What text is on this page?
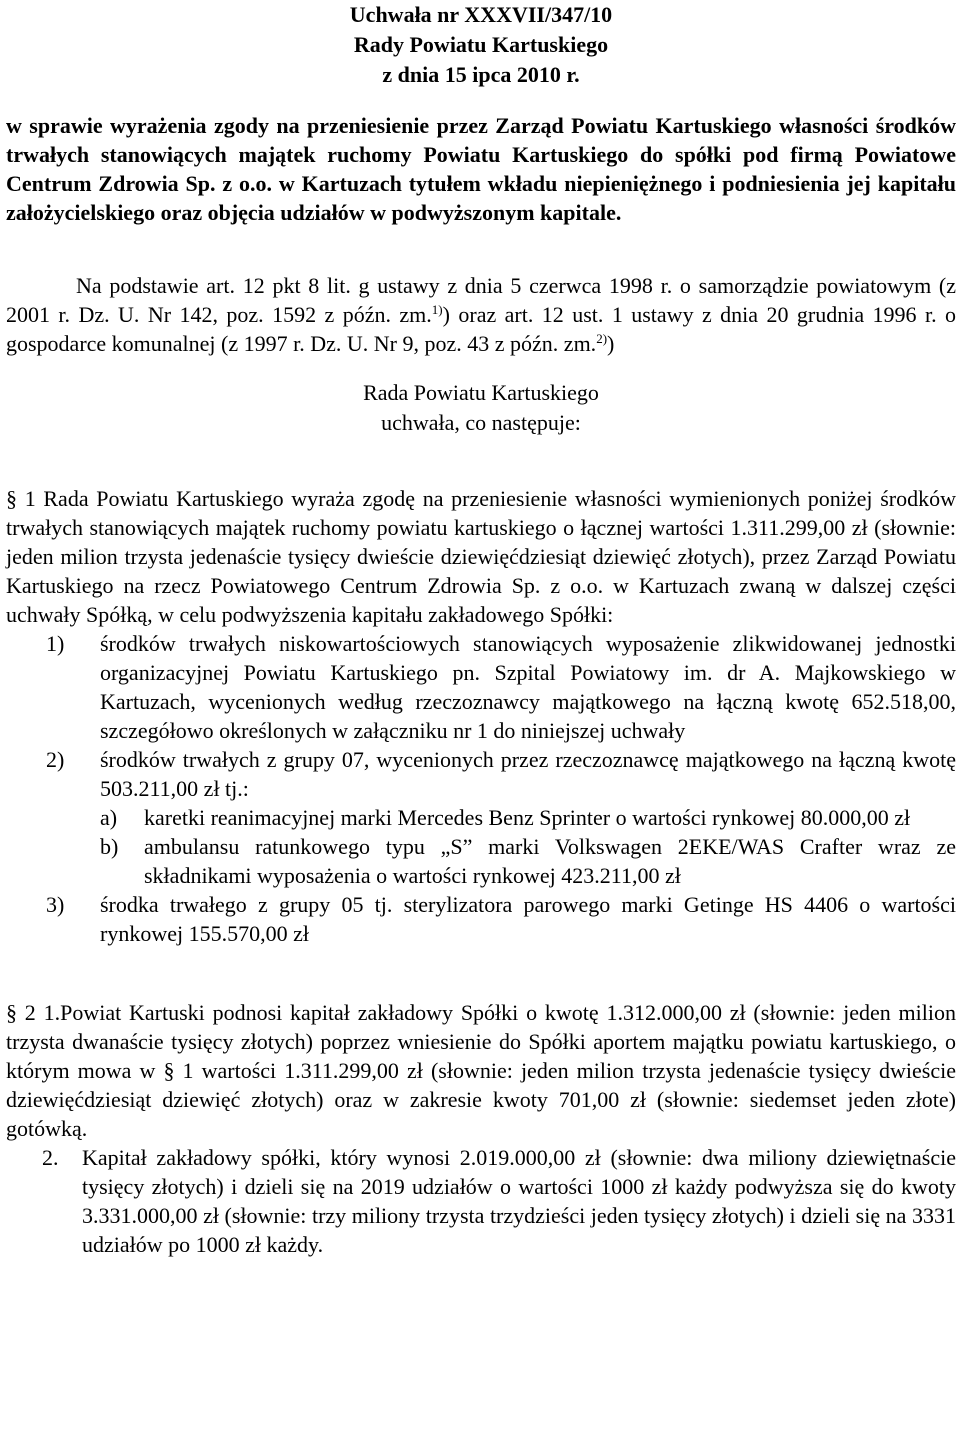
Uchwała nr XXXVII/347/10
Rady Powiatu Kartuskiego
z dnia 15 ipca 2010 r.
w sprawie wyrażenia zgody na przeniesienie przez Zarząd Powiatu Kartuskiego własności środków trwałych stanowiących majątek ruchomy Powiatu Kartuskiego do spółki pod firmą Powiatowe Centrum Zdrowia Sp. z o.o. w Kartuzach tytułem wkładu niepieniężnego i podniesienia jej kapitału założycielskiego oraz objęcia udziałów w podwyższonym kapitale.
Na podstawie art. 12 pkt 8 lit. g ustawy z dnia 5 czerwca 1998 r. o samorządzie powiatowym (z 2001 r. Dz. U. Nr 142, poz. 1592 z późn. zm.$^{1)}$) oraz art. 12 ust. 1 ustawy z dnia 20 grudnia 1996 r. o gospodarce komunalnej (z 1997 r. Dz. U. Nr 9, poz. 43 z późn. zm.$^{2)}$)
Rada Powiatu Kartuskiego
uchwała, co następuje:
§ 1 Rada Powiatu Kartuskiego wyraża zgodę na przeniesienie własności wymienionych poniżej środków trwałych stanowiących majątek ruchomy powiatu kartuskiego o łącznej wartości 1.311.299,00 zł (słownie: jeden milion trzysta jedenaście tysięcy dwieście dziewięćdziesiąt dziewięć złotych), przez Zarząd Powiatu Kartuskiego na rzecz Powiatowego Centrum Zdrowia Sp. z o.o. w Kartuzach zwaną w dalszej części uchwały Spółką, w celu podwyższenia kapitału zakładowego Spółki:
1) środków trwałych niskowartościowych stanowiących wyposażenie zlikwidowanej jednostki organizacyjnej Powiatu Kartuskiego pn. Szpital Powiatowy im. dr A. Majkowskiego w Kartuzach, wycenionych według rzeczoznawcy majątkowego na łączną kwotę 652.518,00, szczegółowo określonych w załączniku nr 1 do niniejszej uchwały
2) środków trwałych z grupy 07, wycenionych przez rzeczoznawcę majątkowego na łączną kwotę 503.211,00 zł tj.:
a) karetki reanimacyjnej marki Mercedes Benz Sprinter o wartości rynkowej 80.000,00 zł
b) ambulansu ratunkowego typu „S” marki Volkswagen 2EKE/WAS Crafter wraz ze składnikami wyposażenia o wartości rynkowej 423.211,00 zł
3) środka trwałego z grupy 05 tj. sterylizatora parowego marki Getinge HS 4406 o wartości rynkowej 155.570,00 zł
§ 2 1.Powiat Kartuski podnosi kapitał zakładowy Spółki o kwotę 1.312.000,00 zł (słownie: jeden milion trzysta dwanaście tysięcy złotych) poprzez wniesienie do Spółki aportem majątku powiatu kartuskiego, o którym mowa w § 1 wartości 1.311.299,00 zł (słownie: jeden milion trzysta jedenaście tysięcy dwieście dziewięćdziesiąt dziewięć złotych) oraz w zakresie kwoty 701,00 zł (słownie: siedemset jeden złote) gotówką.
2. Kapitał zakładowy spółki, który wynosi 2.019.000,00 zł (słownie: dwa miliony dziewiętnaście tysięcy złotych) i dzieli się na 2019 udziałów o wartości 1000 zł każdy podwyższa się do kwoty 3.331.000,00 zł (słownie: trzy miliony trzysta trzydzieści jeden tysięcy złotych) i dzieli się na 3331 udziałów po 1000 zł każdy.
